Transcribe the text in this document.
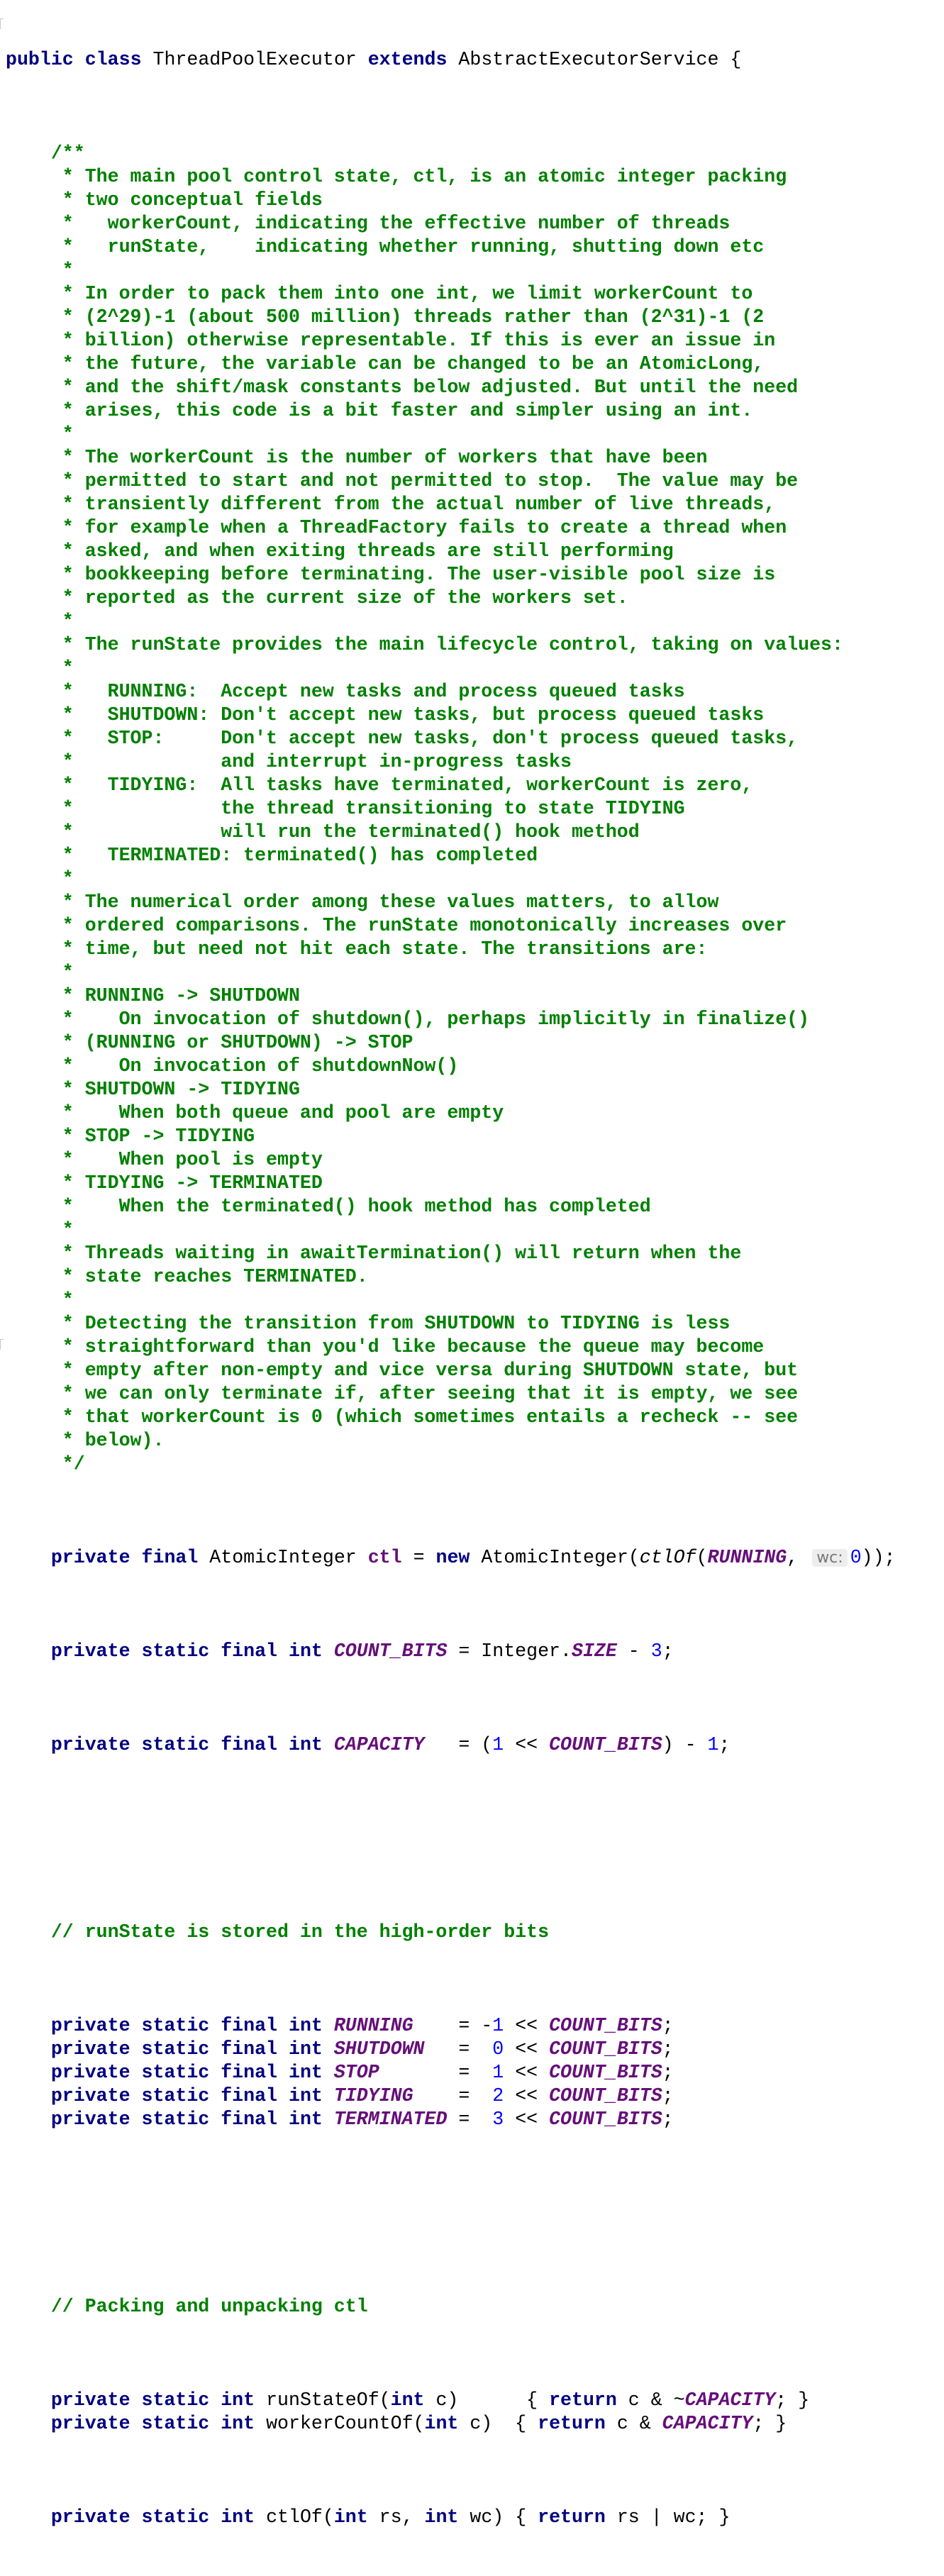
public class ThreadPoolExecutor extends AbstractExecutorService {

/**
* The main pool control state, ctl, is an atomic integer packing
* two conceptual fields
*   workerCount, indicating the effective number of threads
*   runState,    indicating whether running, shutting down etc
*
* In order to pack them into one int, we limit workerCount to
* (2^29)-1 (about 500 million) threads rather than (2^31)-1 (2
* billion) otherwise representable. If this is ever an issue in
* the future, the variable can be changed to be an AtomicLong,
* and the shift/mask constants below adjusted. But until the need
* arises, this code is a bit faster and simpler using an int.
*
* The workerCount is the number of workers that have been
* permitted to start and not permitted to stop.  The value may be
* transiently different from the actual number of live threads,
* for example when a ThreadFactory fails to create a thread when
* asked, and when exiting threads are still performing
* bookkeeping before terminating. The user-visible pool size is
* reported as the current size of the workers set.
*
* The runState provides the main lifecycle control, taking on values:
*
*   RUNNING:  Accept new tasks and process queued tasks
*   SHUTDOWN: Don't accept new tasks, but process queued tasks
*   STOP:     Don't accept new tasks, don't process queued tasks,
*             and interrupt in-progress tasks
*   TIDYING:  All tasks have terminated, workerCount is zero,
*             the thread transitioning to state TIDYING
*             will run the terminated() hook method
*   TERMINATED: terminated() has completed
*
* The numerical order among these values matters, to allow
* ordered comparisons. The runState monotonically increases over
* time, but need not hit each state. The transitions are:
*
* RUNNING -> SHUTDOWN
*    On invocation of shutdown(), perhaps implicitly in finalize()
* (RUNNING or SHUTDOWN) -> STOP
*    On invocation of shutdownNow()
* SHUTDOWN -> TIDYING
*    When both queue and pool are empty
* STOP -> TIDYING
*    When pool is empty
* TIDYING -> TERMINATED
*    When the terminated() hook method has completed
*
* Threads waiting in awaitTermination() will return when the
* state reaches TERMINATED.
*
* Detecting the transition from SHUTDOWN to TIDYING is less
* straightforward than you'd like because the queue may become
* empty after non-empty and vice versa during SHUTDOWN state, but
* we can only terminate if, after seeing that it is empty, we see
* that workerCount is 0 (which sometimes entails a recheck -- see
* below).
*/

private final AtomicInteger ctl = new AtomicInteger(ctlOf(RUNNING, wc: 0));

private static final int COUNT_BITS = Integer.SIZE - 3;

private static final int CAPACITY   = (1 << COUNT_BITS) - 1;

// runState is stored in the high-order bits

private static final int RUNNING    = -1 << COUNT_BITS;
private static final int SHUTDOWN   =  0 << COUNT_BITS;
private static final int STOP       =  1 << COUNT_BITS;
private static final int TIDYING    =  2 << COUNT_BITS;
private static final int TERMINATED =  3 << COUNT_BITS;

// Packing and unpacking ctl

private static int runStateOf(int c)      { return c & ~CAPACITY; }
private static int workerCountOf(int c)  { return c & CAPACITY; }

private static int ctlOf(int rs, int wc) { return rs | wc; }
